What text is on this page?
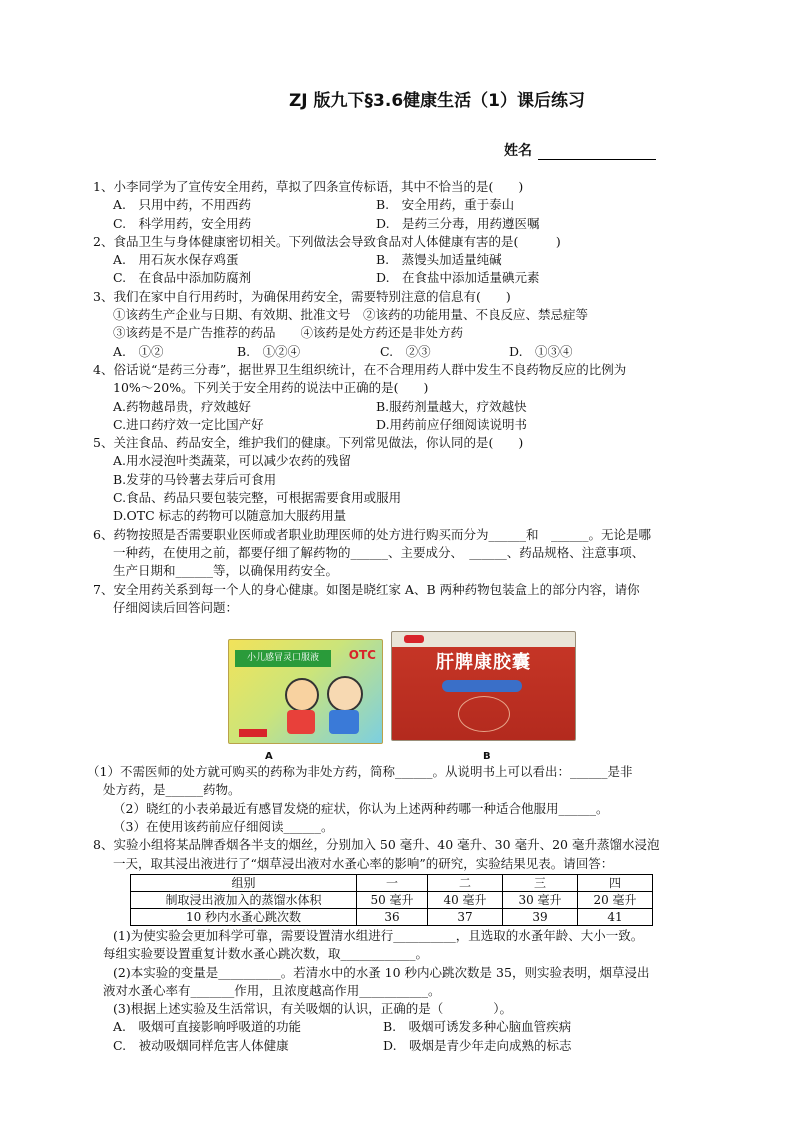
ZJ 版九下§3.6健康生活（1）课后练习
姓名
1、小李同学为了宣传安全用药，草拟了四条宣传标语，其中不恰当的是(　　)
A.　只用中药，不用西药	B.　安全用药，重于泰山
C.　科学用药，安全用药	D.　是药三分毒，用药遵医嘱
2、食品卫生与身体健康密切相关。下列做法会导致食品对人体健康有害的是(　　　)
A.　用石灰水保存鸡蛋	B.　蒸馒头加适量纯碱
C.　在食品中添加防腐剂	D.　在食盐中添加适量碘元素
3、我们在家中自行用药时，为确保用药安全，需要特别注意的信息有(　　)
①该药生产企业与日期、有效期、批准文号　②该药的功能用量、不良反应、禁忌症等
③该药是不是广告推荐的药品　　④该药是处方药还是非处方药
A.　①②	B.　①②④	C.　②③	D.　①③④
4、俗话说“是药三分毒”，据世界卫生组织统计，在不合理用药人群中发生不良药物反应的比例为
10%～20%。下列关于安全用药的说法中正确的是(　　)
A.药物越昂贵，疗效越好	B.服药剂量越大，疗效越快
C.进口药疗效一定比国产好	D.用药前应仔细阅读说明书
5、关注食品、药品安全，维护我们的健康。下列常见做法，你认同的是(　　)
A.用水浸泡叶类蔬菜，可以减少农药的残留
B.发芽的马铃薯去芽后可食用
C.食品、药品只要包装完整，可根据需要食用或服用
D.OTC 标志的药物可以随意加大服药用量
6、药物按照是否需要职业医师或者职业助理医师的处方进行购买而分为______和　______。无论是哪
一种药，在使用之前，都要仔细了解药物的______、主要成分、　______、药品规格、注意事项、
生产日期和______等，以确保用药安全。
7、安全用药关系到每一个人的身心健康。如图是晓红家 A、B 两种药物包装盒上的部分内容，请你
仔细阅读后回答问题：
小儿感冒灵口服液	OTC	肝脾康胶囊
A	B
（1）不需医师的处方就可购买的药称为非处方药，简称______。从说明书上可以看出：______是非
处方药，是______药物。
（2）晓红的小表弟最近有感冒发烧的症状，你认为上述两种药哪一种适合他服用______。
（3）在使用该药前应仔细阅读______。
8、实验小组将某品牌香烟各半支的烟丝，分别加入 50 毫升、40 毫升、30 毫升、20 毫升蒸馏水浸泡
一天，取其浸出液进行了“烟草浸出液对水蚤心率的影响”的研究，实验结果见表。请回答：
组别	一	二	三	四
制取浸出液加入的蒸馏水体积	50 毫升	40 毫升	30 毫升	20 毫升
10 秒内水蚤心跳次数	36	37	39	41
(1)为使实验会更加科学可靠，需要设置清水组进行__________，且选取的水蚤年龄、大小一致。
每组实验要设置重复计数水蚤心跳次数，取____________。
(2)本实验的变量是__________。若清水中的水蚤 10 秒内心跳次数是 35，则实验表明，烟草浸出
液对水蚤心率有_______作用，且浓度越高作用___________。
(3)根据上述实验及生活常识，有关吸烟的认识，正确的是（　　　　）。
A.　吸烟可直接影响呼吸道的功能	B.　吸烟可诱发多种心脑血管疾病
C.　被动吸烟同样危害人体健康	D.　吸烟是青少年走向成熟的标志
